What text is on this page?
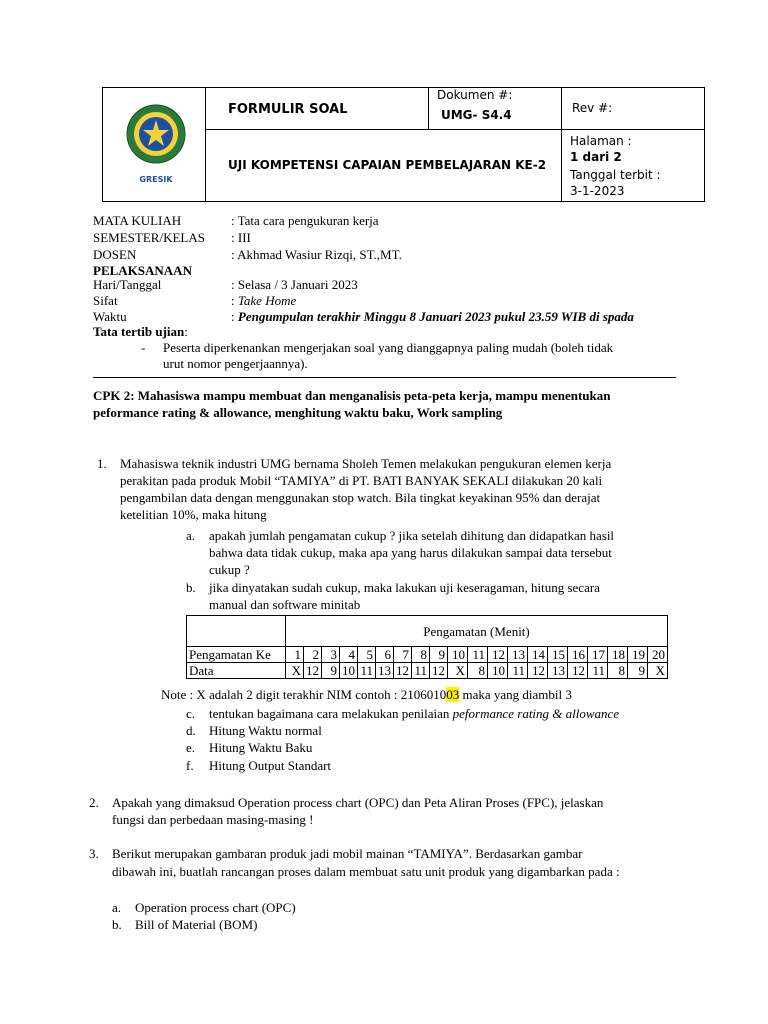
GRESIK
FORMULIR SOAL
Dokumen #:
UMG- S4.4	Rev #:
Halaman :
1 dari 2
UJI KOMPETENSI CAPAIAN PEMBELAJARAN KE-2
Tanggal terbit :
3-1-2023
MATA KULIAH	: Tata cara pengukuran kerja
SEMESTER/KELAS : III
DOSEN	: Akhmad Wasiur Rizqi, ST.,MT.
PELAKSANAAN
Hari/Tanggal	: Selasa / 3 Januari 2023
Sifat	: Take Home
Waktu	: Pengumpulan terakhir Minggu 8 Januari 2023 pukul 23.59 WIB di spada
Tata tertib ujian:
- Peserta diperkenankan mengerjakan soal yang dianggapnya paling mudah (boleh tidak
urut nomor pengerjaannya).
CPK 2: Mahasiswa mampu membuat dan menganalisis peta-peta kerja, mampu menentukan
peformance rating & allowance, menghitung waktu baku, Work sampling
1. Mahasiswa teknik industri UMG bernama Sholeh Temen melakukan pengukuran elemen kerja
perakitan pada produk Mobil “TAMIYA” di PT. BATI BANYAK SEKALI dilakukan 20 kali
pengambilan data dengan menggunakan stop watch. Bila tingkat keyakinan 95% dan derajat
ketelitian 10%, maka hitung
a. apakah jumlah pengamatan cukup ? jika setelah dihitung dan didapatkan hasil
bahwa data tidak cukup, maka apa yang harus dilakukan sampai data tersebut
cukup ?
b. jika dinyatakan sudah cukup, maka lakukan uji keseragaman, hitung secara
manual dan software minitab
	Pengamatan (Menit)																			
Pengamatan Ke	1	2	3	4	5	6	7	8	9	10	11	12	13	14	15	16	17	18	19	20
Data	X	12	9	10	11	13	12	11	12	X	8	10	11	12	13	12	11	8	9	X
Note : X adalah 2 digit terakhir NIM contoh : 210601003 maka yang diambil 3
c. tentukan bagaimana cara melakukan penilaian peformance rating & allowance
d. Hitung Waktu normal
e. Hitung Waktu Baku
f. Hitung Output Standart
2. Apakah yang dimaksud Operation process chart (OPC) dan Peta Aliran Proses (FPC), jelaskan
fungsi dan perbedaan masing-masing !
3. Berikut merupakan gambaran produk jadi mobil mainan “TAMIYA”. Berdasarkan gambar
dibawah ini, buatlah rancangan proses dalam membuat satu unit produk yang digambarkan pada :
a. Operation process chart (OPC)
b. Bill of Material (BOM)
